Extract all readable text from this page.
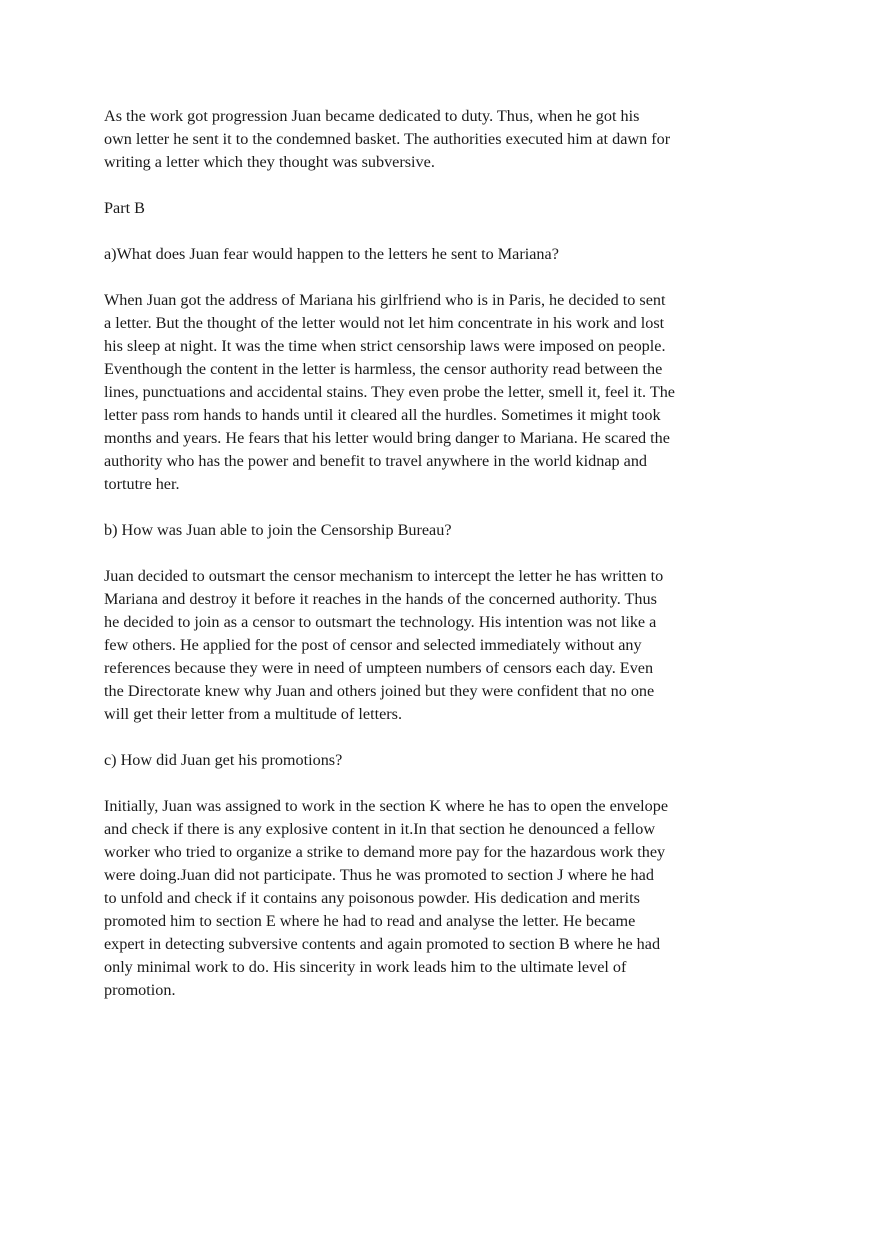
As the work got progression Juan became dedicated to duty. Thus, when he got his
own letter he sent it to the condemned basket. The authorities executed him at dawn for
writing a letter which they thought was subversive.

Part B

a)What does Juan fear would happen to the letters he sent to Mariana?

When Juan got the address of Mariana his girlfriend who is in Paris, he decided to sent
a letter. But the thought of the letter would not let him concentrate in his work and lost
his sleep at night. It was the time when strict censorship laws were imposed on people.
Eventhough the content in the letter is harmless, the censor authority read between the
lines, punctuations and accidental stains. They even probe the letter, smell it, feel it. The
letter pass rom hands to hands until it cleared all the hurdles. Sometimes it might took
months and years. He fears that his letter would bring danger to Mariana. He scared the
authority who has the power and benefit to travel anywhere in the world kidnap and
tortutre her.

b) How was Juan able to join the Censorship Bureau?

Juan decided to outsmart the censor mechanism to intercept the letter he has written to
Mariana and destroy it before it reaches in the hands of the concerned authority. Thus
he decided to join as a censor to outsmart the technology. His intention was not like a
few others. He applied for the post of censor and selected immediately without any
references because they were in need of umpteen numbers of censors each day. Even
the Directorate knew why Juan and others joined but they were confident that no one
will get their letter from a multitude of letters.

c) How did Juan get his promotions?

Initially, Juan was assigned to work in the section K where he has to open the envelope
and check if there is any explosive content in it.In that section he denounced a fellow
worker who tried to organize a strike to demand more pay for the hazardous work they
were doing.Juan did not participate. Thus he was promoted to section J where he had
to unfold and check if it contains any poisonous powder. His dedication and merits
promoted him to section E where he had to read and analyse the letter. He became
expert in detecting subversive contents and again promoted to section B where he had
only minimal work to do. His sincerity in work leads him to the ultimate level of
promotion.
